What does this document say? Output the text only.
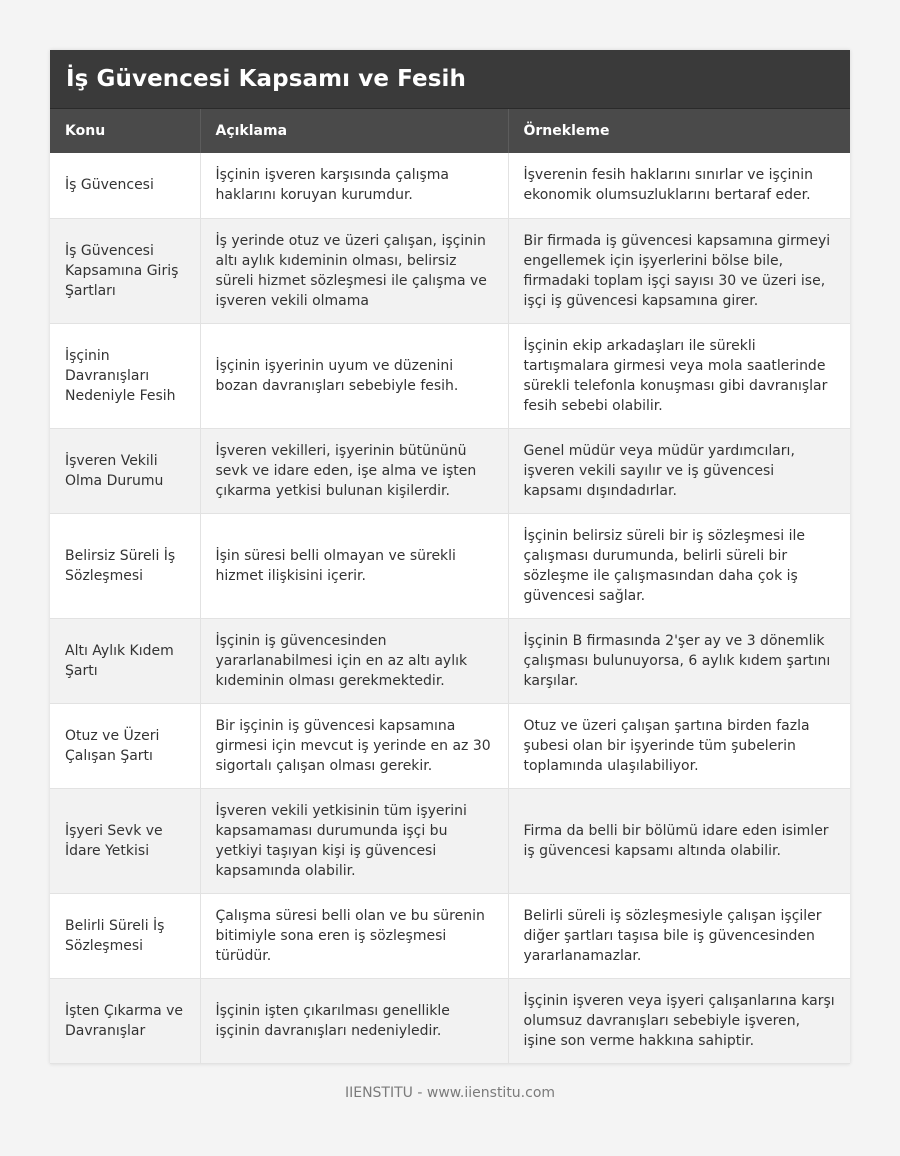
İş Güvencesi Kapsamı ve Fesih
Konu	Açıklama	Örnekleme
İş Güvencesi	İşçinin işveren karşısında çalışma haklarını koruyan kurumdur.	İşverenin fesih haklarını sınırlar ve işçinin ekonomik olumsuzluklarını bertaraf eder.
İş Güvencesi Kapsamına Giriş Şartları	İş yerinde otuz ve üzeri çalışan, işçinin altı aylık kıdeminin olması, belirsiz süreli hizmet sözleşmesi ile çalışma ve işveren vekili olmama	Bir firmada iş güvencesi kapsamına girmeyi engellemek için işyerlerini bölse bile, firmadaki toplam işçi sayısı 30 ve üzeri ise, işçi iş güvencesi kapsamına girer.
İşçinin Davranışları Nedeniyle Fesih	İşçinin işyerinin uyum ve düzenini bozan davranışları sebebiyle fesih.	İşçinin ekip arkadaşları ile sürekli tartışmalara girmesi veya mola saatlerinde sürekli telefonla konuşması gibi davranışlar fesih sebebi olabilir.
İşveren Vekili Olma Durumu	İşveren vekilleri, işyerinin bütününü sevk ve idare eden, işe alma ve işten çıkarma yetkisi bulunan kişilerdir.	Genel müdür veya müdür yardımcıları, işveren vekili sayılır ve iş güvencesi kapsamı dışındadırlar.
Belirsiz Süreli İş Sözleşmesi	İşin süresi belli olmayan ve sürekli hizmet ilişkisini içerir.	İşçinin belirsiz süreli bir iş sözleşmesi ile çalışması durumunda, belirli süreli bir sözleşme ile çalışmasından daha çok iş güvencesi sağlar.
Altı Aylık Kıdem Şartı	İşçinin iş güvencesinden yararlanabilmesi için en az altı aylık kıdeminin olması gerekmektedir.	İşçinin B firmasında 2'şer ay ve 3 dönemlik çalışması bulunuyorsa, 6 aylık kıdem şartını karşılar.
Otuz ve Üzeri Çalışan Şartı	Bir işçinin iş güvencesi kapsamına girmesi için mevcut iş yerinde en az 30 sigortalı çalışan olması gerekir.	Otuz ve üzeri çalışan şartına birden fazla şubesi olan bir işyerinde tüm şubelerin toplamında ulaşılabiliyor.
İşyeri Sevk ve İdare Yetkisi	İşveren vekili yetkisinin tüm işyerini kapsamaması durumunda işçi bu yetkiyi taşıyan kişi iş güvencesi kapsamında olabilir.	Firma da belli bir bölümü idare eden isimler iş güvencesi kapsamı altında olabilir.
Belirli Süreli İş Sözleşmesi	Çalışma süresi belli olan ve bu sürenin bitimiyle sona eren iş sözleşmesi türüdür.	Belirli süreli iş sözleşmesiyle çalışan işçiler diğer şartları taşısa bile iş güvencesinden yararlanamazlar.
İşten Çıkarma ve Davranışlar	İşçinin işten çıkarılması genellikle işçinin davranışları nedeniyledir.	İşçinin işveren veya işyeri çalışanlarına karşı olumsuz davranışları sebebiyle işveren, işine son verme hakkına sahiptir.
IIENSTITU - www.iienstitu.com
